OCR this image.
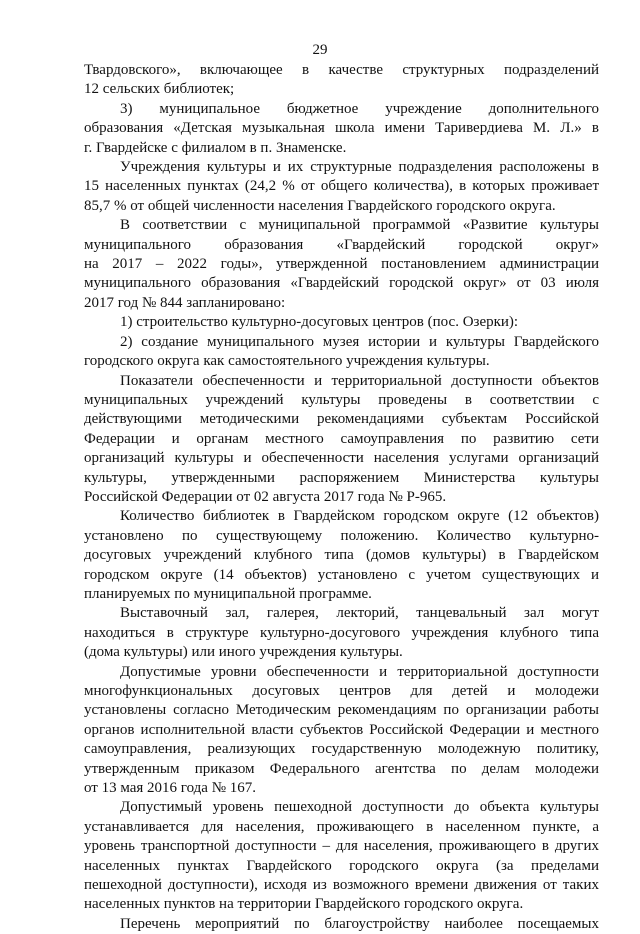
29
Твардовского», включающее в качестве структурных подразделений
12 сельских библиотек;
3) муниципальное бюджетное учреждение дополнительного
образования «Детская музыкальная школа имени Таривердиева М. Л.» в
г. Гвардейске с филиалом в п. Знаменске.
Учреждения культуры и их структурные подразделения расположены в
15 населенных пунктах (24,2 % от общего количества), в которых проживает
85,7 % от общей численности населения Гвардейского городского округа.
В соответствии с муниципальной программой «Развитие культуры
муниципального образования «Гвардейский городской округ»
на 2017 – 2022 годы», утвержденной постановлением администрации
муниципального образования «Гвардейский городской округ» от 03 июля
2017 год № 844 запланировано:
1) строительство культурно-досуговых центров (пос. Озерки):
2) создание муниципального музея истории и культуры Гвардейского
городского округа как самостоятельного учреждения культуры.
Показатели обеспеченности и территориальной доступности объектов
муниципальных учреждений культуры проведены в соответствии с
действующими методическими рекомендациями субъектам Российской
Федерации и органам местного самоуправления по развитию сети
организаций культуры и обеспеченности населения услугами организаций
культуры, утвержденными распоряжением Министерства культуры
Российской Федерации от 02 августа 2017 года № Р-965.
Количество библиотек в Гвардейском городском округе (12 объектов)
установлено по существующему положению. Количество культурно-
досуговых учреждений клубного типа (домов культуры) в Гвардейском
городском округе (14 объектов) установлено с учетом существующих и
планируемых по муниципальной программе.
Выставочный зал, галерея, лекторий, танцевальный зал могут
находиться в структуре культурно-досугового учреждения клубного типа
(дома культуры) или иного учреждения культуры.
Допустимые уровни обеспеченности и территориальной доступности
многофункциональных досуговых центров для детей и молодежи
установлены согласно Методическим рекомендациям по организации работы
органов исполнительной власти субъектов Российской Федерации и местного
самоуправления, реализующих государственную молодежную политику,
утвержденным приказом Федерального агентства по делам молодежи
от 13 мая 2016 года № 167.
Допустимый уровень пешеходной доступности до объекта культуры
устанавливается для населения, проживающего в населенном пункте, а
уровень транспортной доступности – для населения, проживающего в других
населенных пунктах Гвардейского городского округа (за пределами
пешеходной доступности), исходя из возможного времени движения от таких
населенных пунктов на территории Гвардейского городского округа.
Перечень мероприятий по благоустройству наиболее посещаемых
